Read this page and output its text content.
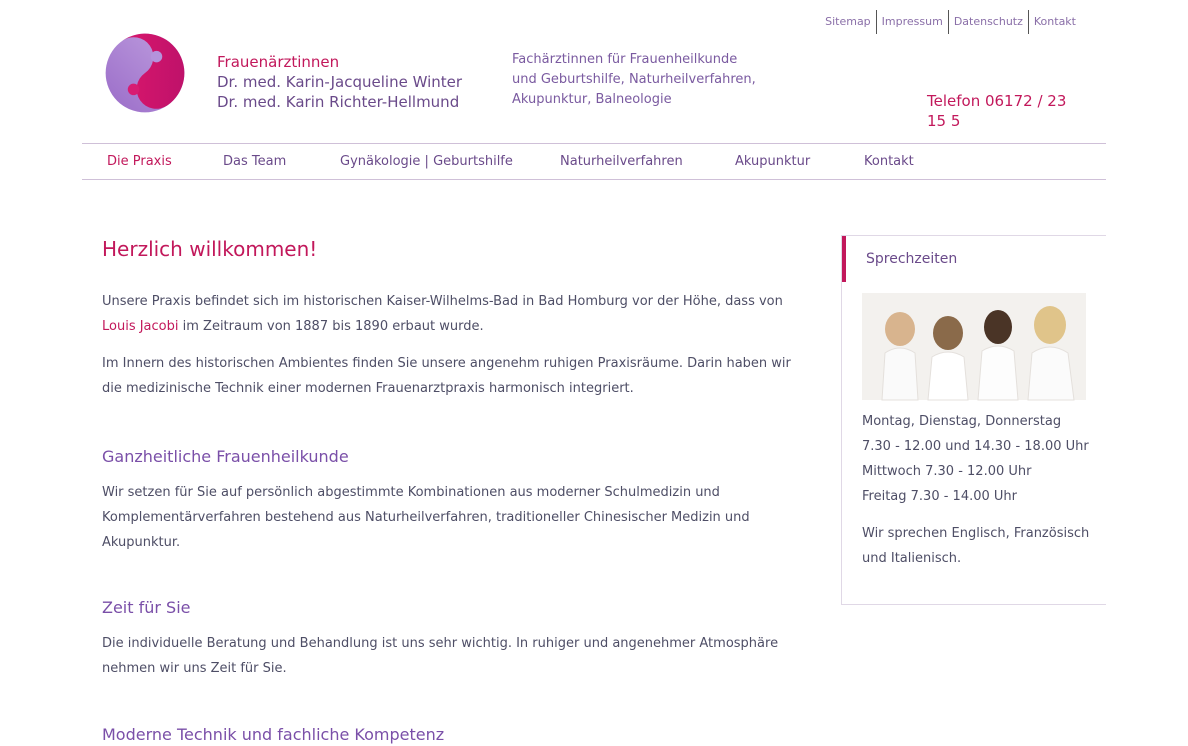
Sitemap	Impressum	Datenschutz	Kontakt
Frauenärztinnen
Dr. med. Karin-Jacqueline Winter
Dr. med. Karin Richter-Hellmund
Fachärztinnen für Frauenheilkunde
und Geburtshilfe, Naturheilverfahren,
Akupunktur, Balneologie	Telefon 06172 / 23 15 5
Die Praxis	Das Team	Gynäkologie | Geburtshilfe	Naturheilverfahren	Akupunktur	Kontakt
Herzlich willkommen!

Unsere Praxis befindet sich im historischen Kaiser-Wilhelms-Bad in Bad Homburg vor der Höhe, dass von Louis Jacobi im Zeitraum von 1887 bis 1890 erbaut wurde.

Im Innern des historischen Ambientes finden Sie unsere angenehm ruhigen Praxisräume. Darin haben wir die medizinische Technik einer modernen Frauenarztpraxis harmonisch integriert.

Ganzheitliche Frauenheilkunde

Wir setzen für Sie auf persönlich abgestimmte Kombinationen aus moderner Schulmedizin und Komplementärverfahren bestehend aus Naturheilverfahren, traditioneller Chinesischer Medizin und Akupunktur.

Zeit für Sie

Die individuelle Beratung und Behandlung ist uns sehr wichtig. In ruhiger und angenehmer Atmosphäre nehmen wir uns Zeit für Sie.

Moderne Technik und fachliche Kompetenz
Sprechzeiten
Montag, Dienstag, Donnerstag
7.30 - 12.00 und 14.30 - 18.00 Uhr
Mittwoch 7.30 - 12.00 Uhr
Freitag 7.30 - 14.00 Uhr
Wir sprechen Englisch, Französisch und Italienisch.
